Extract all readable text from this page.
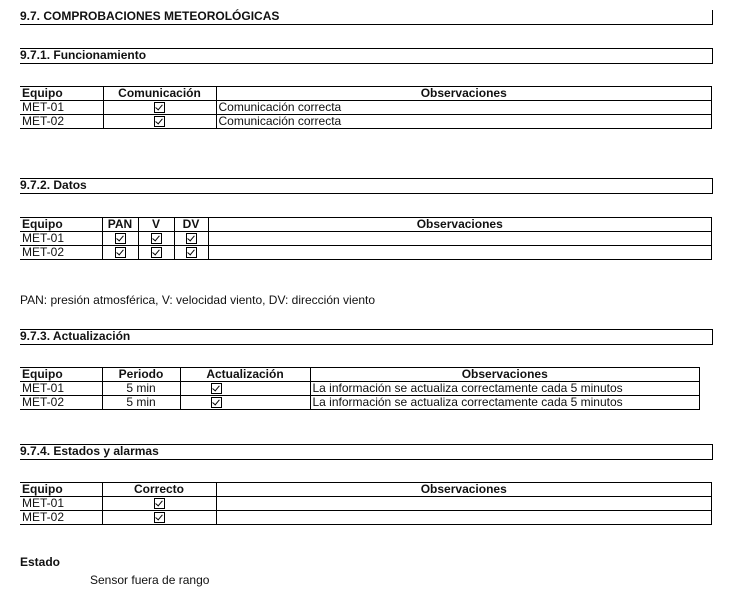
9.7. COMPROBACIONES METEOROLÓGICAS
9.7.1. Funcionamiento
Equipo	Comunicación	Observaciones
MET-01		Comunicación correcta
MET-02		Comunicación correcta
9.7.2. Datos
Equipo	PAN	V	DV	Observaciones
MET-01				
MET-02				
PAN: presión atmosférica, V: velocidad viento, DV: dirección viento
9.7.3. Actualización
Equipo	Periodo	Actualización	Observaciones
MET-01	5 min		La información se actualiza correctamente cada 5 minutos
MET-02	5 min		La información se actualiza correctamente cada 5 minutos
9.7.4. Estados y alarmas
Equipo	Correcto	Observaciones
MET-01		
MET-02		
Estado
Sensor fuera de rango
